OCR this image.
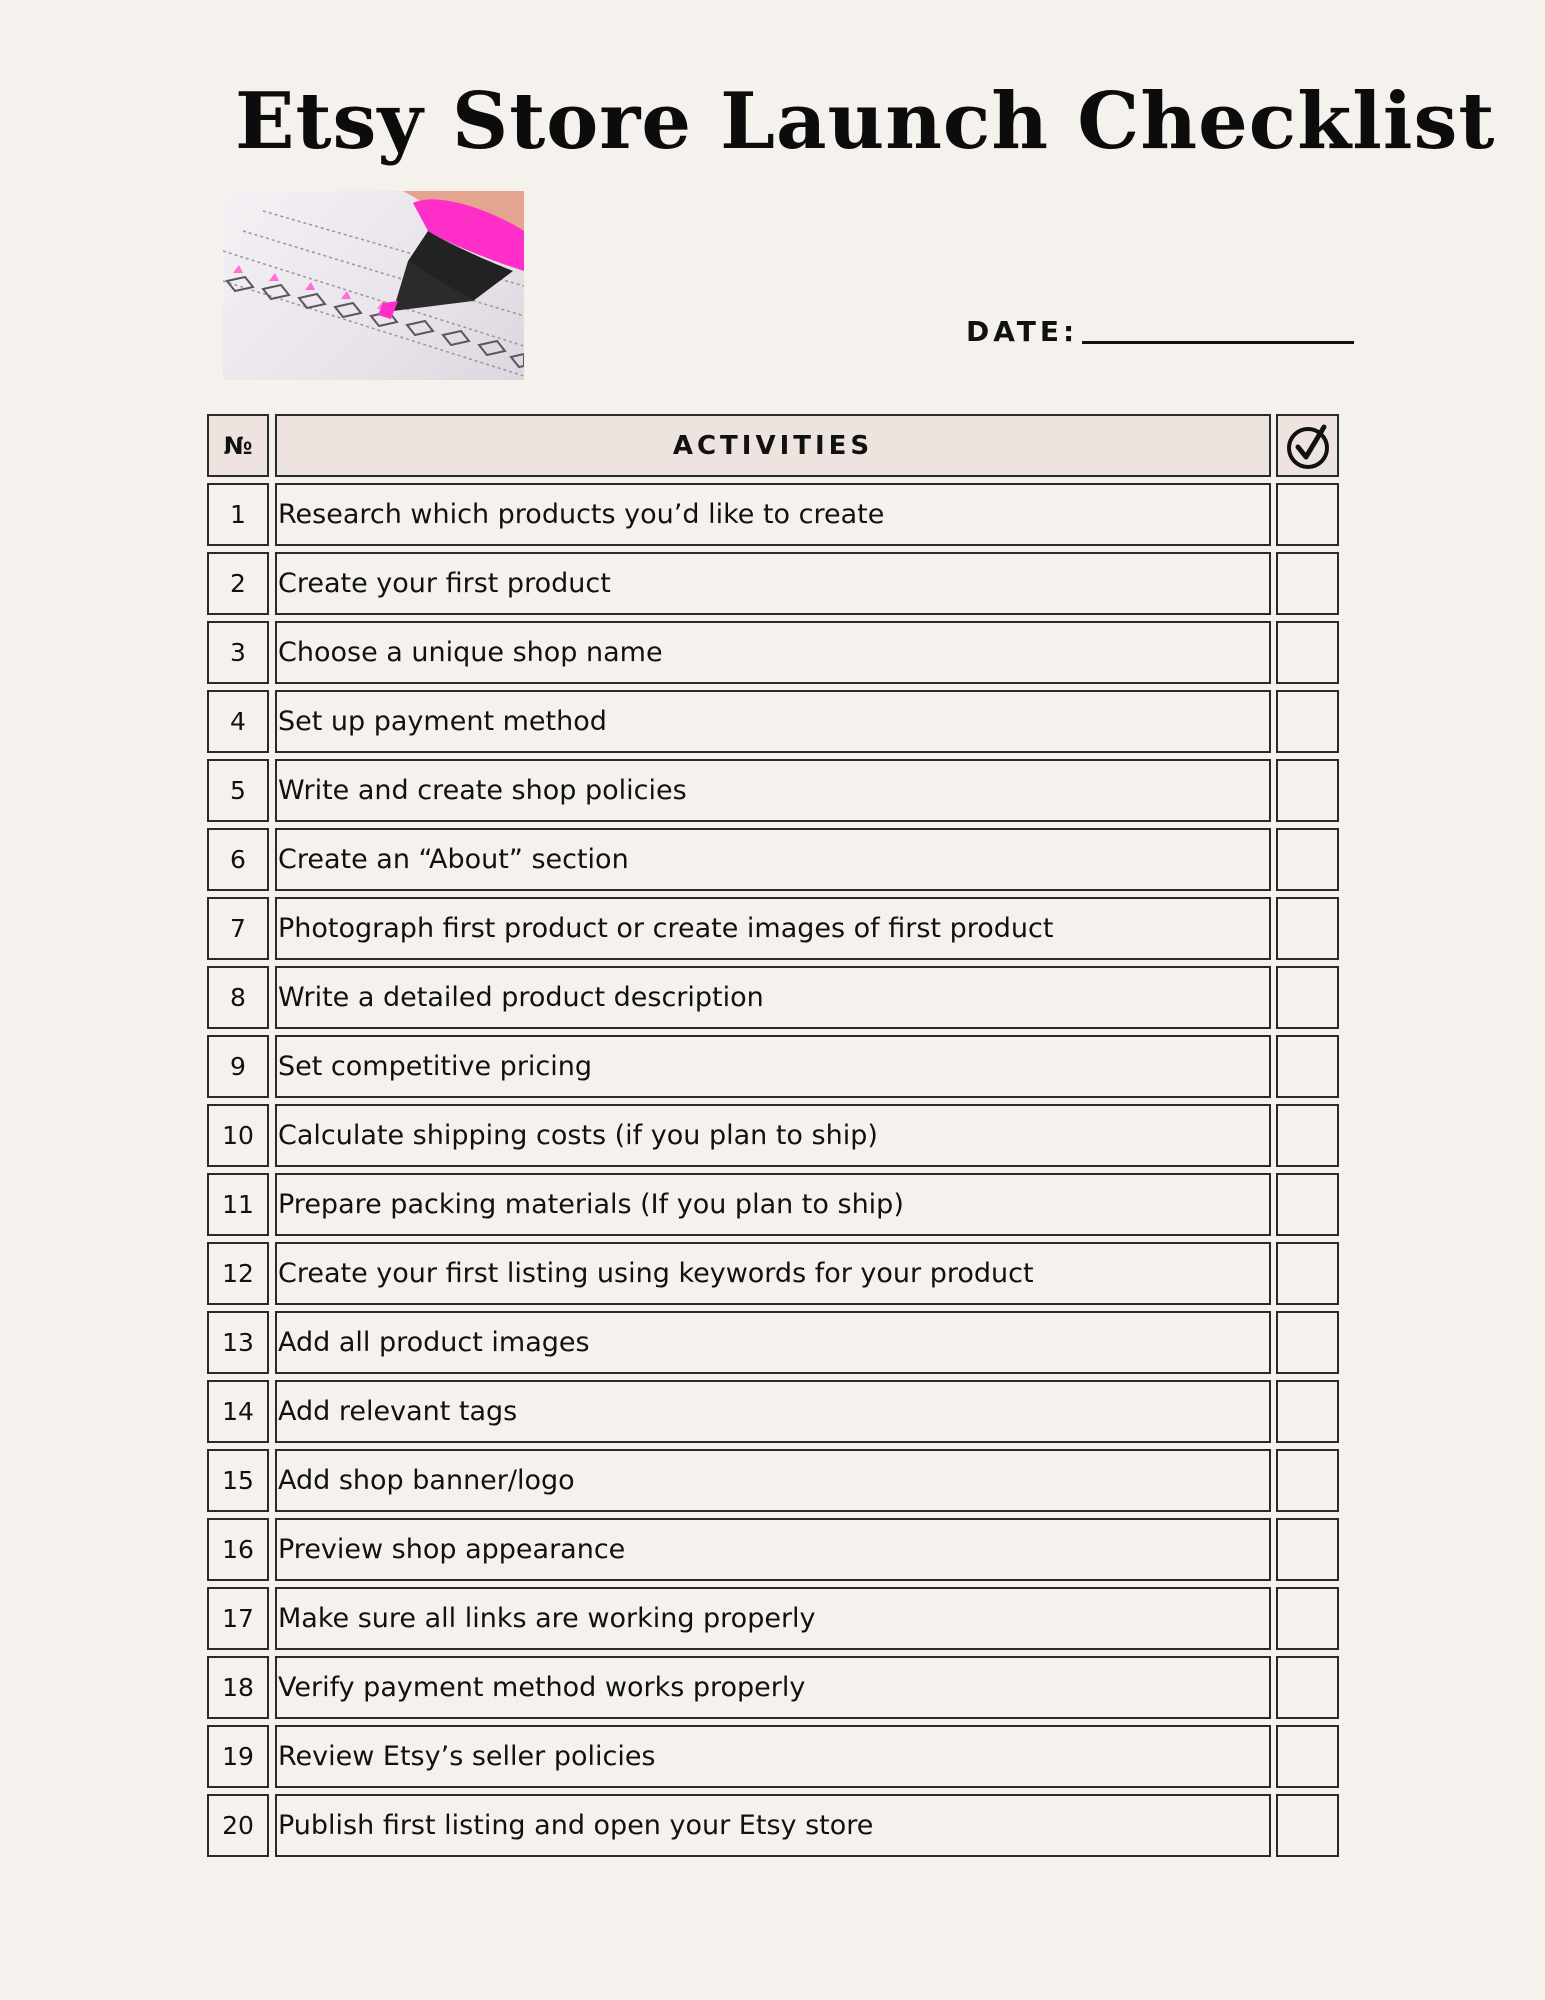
Etsy Store Launch Checklist
DATE:
№	ACTIVITIES
1	Research which products you’d like to create
2	Create your first product
3	Choose a unique shop name
4	Set up payment method
5	Write and create shop policies
6	Create an “About” section
7	Photograph first product or create images of first product
8	Write a detailed product description
9	Set competitive pricing
10 Calculate shipping costs (if you plan to ship)
11 Prepare packing materials (If you plan to ship)
12 Create your first listing using keywords for your product
13 Add all product images
14 Add relevant tags
15 Add shop banner/logo
16 Preview shop appearance
17 Make sure all links are working properly
18 Verify payment method works properly
19 Review Etsy’s seller policies
20 Publish first listing and open your Etsy store
